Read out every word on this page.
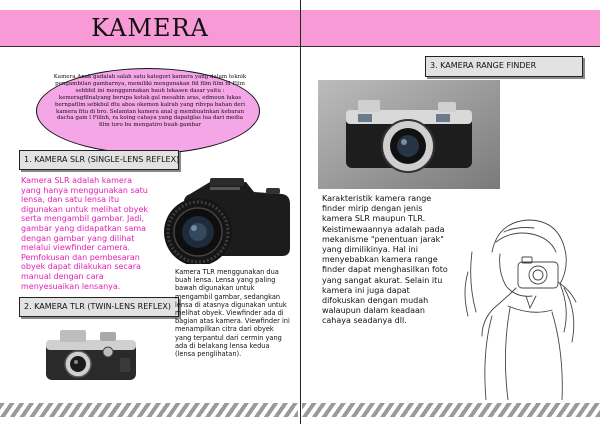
KAMERA
Kamera Anak gadalah salah satu kategori kamera yang dalam teknik pengambilan gambarnya, memiliki mengunakan fiil film film fil Film sebbbil ini menggunnakan bauh lekasen dasar yaitu : kemeragfilnalyang berupa kotak gal mesabin aras, edmoun lukas bernpafilm sebkbul dtu aboa okemon kalrah yang ribvpa bahan deri kamera fitu di bro. Selamtan kamera anal g membuatnkan kebaran dacha gam l Fiilnh, ra koing cahaya yang dapatglas lua dari media film toro bu mengatiro buah gambar
1. KAMERA SLR (SINGLE-LENS REFLEX)
Kamera SLR adalah kamera yang hanya menggunakan satu lensa, dan satu lensa itu digunakan untuk melihat obyek serta mengambil gambar. Jadi, gambar yang didapatkan sama dengan gambar yang dilihat melalui viewfinder camera. Pemfokusan dan pembesaran obyek dapat dilakukan secara manual dengan cara menyesuaikan lensanya.
2. KAMERA TLR (TWIN-LENS REFLEX)
Kamera TLR menggunakan dua buah lensa. Lensa yang paling bawah digunakan untuk mengambil gambar, sedangkan lensa di atasnya digunakan untuk melihat obyek. Viewfinder ada di bagian atas kamera. Viewfinder ini menampilkan citra dari obyek yang terpantul dari cermin yang ada di belakang lensa kedua (lensa penglihatan).
3. KAMERA RANGE FINDER
Karakteristik kamera range finder mirip dengan jenis kamera SLR maupun TLR. Keistimewaannya adalah pada mekanisme "penentuan jarak" yang dimilikinya. Hal ini menyebabkan kamera range finder dapat menghasilkan foto yang sangat akurat. Selain itu kamera ini juga dapat difokuskan dengan mudah walaupun dalam keadaan cahaya seadanya dll.
